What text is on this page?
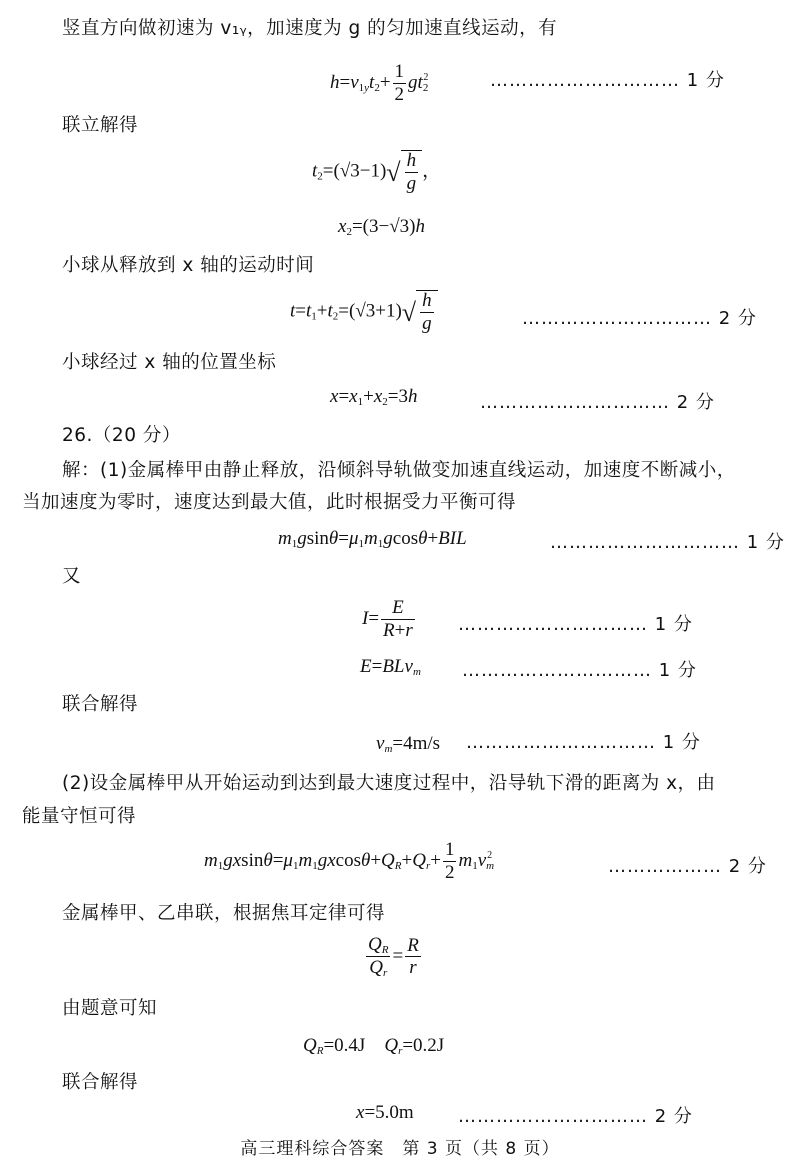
竖直方向做初速为 v₁ᵧ，加速度为 g 的匀加速直线运动，有
$h=v_{1y}t_2+ \frac{1}{2} gt_2^2$	………………………… 1 分
联立解得
$t_2=(√3-1)√ \frac{h}{g}$ ，
$x_2=(3-√3)h$
小球从释放到 x 轴的运动时间
$t=t_1+t_2=(√3+1)√ \frac{h}{g}$	………………………… 2 分
小球经过 x 轴的位置坐标
$x=x_1+x_2=3h$	………………………… 2 分
26.（20 分）
解：(1)金属棒甲由静止释放，沿倾斜导轨做变加速直线运动，加速度不断减小，
当加速度为零时，速度达到最大值，此时根据受力平衡可得
$m_1gsin\theta=\mu_1m_1gcos\theta+BIL$	………………………… 1 分
又
$I= \frac{E}{R+r}$ ………………………… 1 分
E=BLv$_m$ ………………………… 1 分
联合解得
$v_m=4m/s$ ………………………… 1 分
(2)设金属棒甲从开始运动到达到最大速度过程中，沿导轨下滑的距离为 x，由
能量守恒可得
$m_1gxsin\theta=\mu_1m_1gxcos\theta+Q_R+Q_r+ \frac{1}{2} m_1v_m^2$
……………… 2 分
金属棒甲、乙串联，根据焦耳定律可得
$\frac{Q_R}{Q_r} = \frac{R}{r}$
由题意可知
$Q_R=0.4J$ $Q_r=0.2J$
联合解得
x=5.0m ………………………… 2 分
高三理科综合答案　第 3 页（共 8 页）
